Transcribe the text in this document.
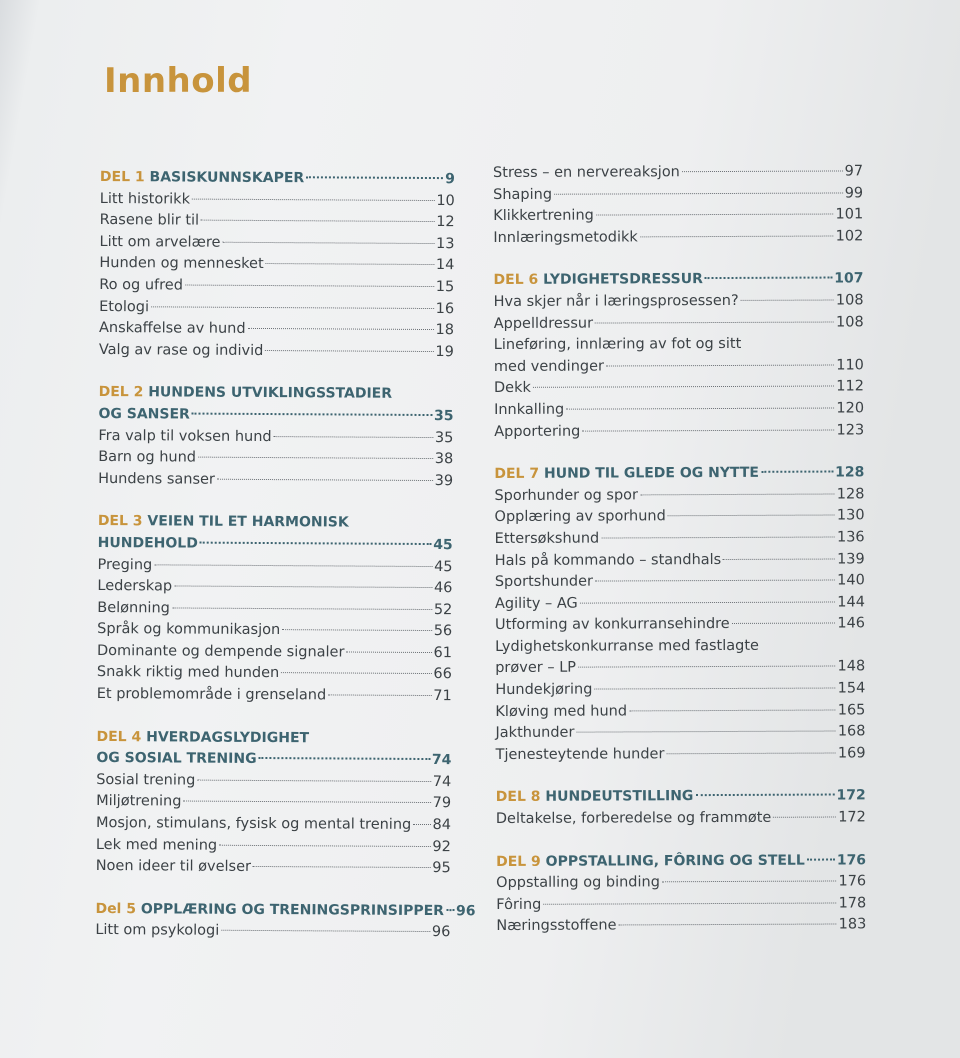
Innhold
DEL 1 BASISKUNNSKAPER	9
Litt historikk	10
Rasene blir til	12
Litt om arvelære	13
Hunden og mennesket	14
Ro og ufred	15
Etologi	16
Anskaffelse av hund	18
Valg av rase og individ	19
DEL 2 HUNDENS UTVIKLINGSSTADIER
OG SANSER	35
Fra valp til voksen hund	35
Barn og hund	38
Hundens sanser	39
DEL 3 VEIEN TIL ET HARMONISK
HUNDEHOLD	45
Preging	45
Lederskap	46
Belønning	52
Språk og kommunikasjon	56
Dominante og dempende signaler	61
Snakk riktig med hunden	66
Et problemområde i grenseland	71
DEL 4 HVERDAGSLYDIGHET
OG SOSIAL TRENING	74
Sosial trening	74
Miljøtrening	79
Mosjon, stimulans, fysisk og mental trening 84
Lek med mening	92
Noen ideer til øvelser	95
Del 5 OPPLÆRING OG TRENINGSPRINSIPPER 96
Litt om psykologi	96
Stress – en nervereaksjon	97
Shaping	99
Klikkertrening	101
Innlæringsmetodikk	102
DEL 6 LYDIGHETSDRESSUR	107
Hva skjer når i læringsprosessen?	108
Appelldressur	108
Lineføring, innlæring av fot og sitt
med vendinger	110
Dekk	112
Innkalling	120
Apportering	123
DEL 7 HUND TIL GLEDE OG NYTTE	128
Sporhunder og spor	128
Opplæring av sporhund	130
Ettersøkshund	136
Hals på kommando – standhals	139
Sportshunder	140
Agility – AG	144
Utforming av konkurransehindre	146
Lydighetskonkurranse med fastlagte
prøver – LP	148
Hundekjøring	154
Kløving med hund	165
Jakthunder	168
Tjenesteytende hunder	169
DEL 8 HUNDEUTSTILLING	172
Deltakelse, forberedelse og frammøte	172
DEL 9 OPPSTALLING, FÔRING OG STELL 176
Oppstalling og binding	176
Fôring	178
Næringsstoffene	183
